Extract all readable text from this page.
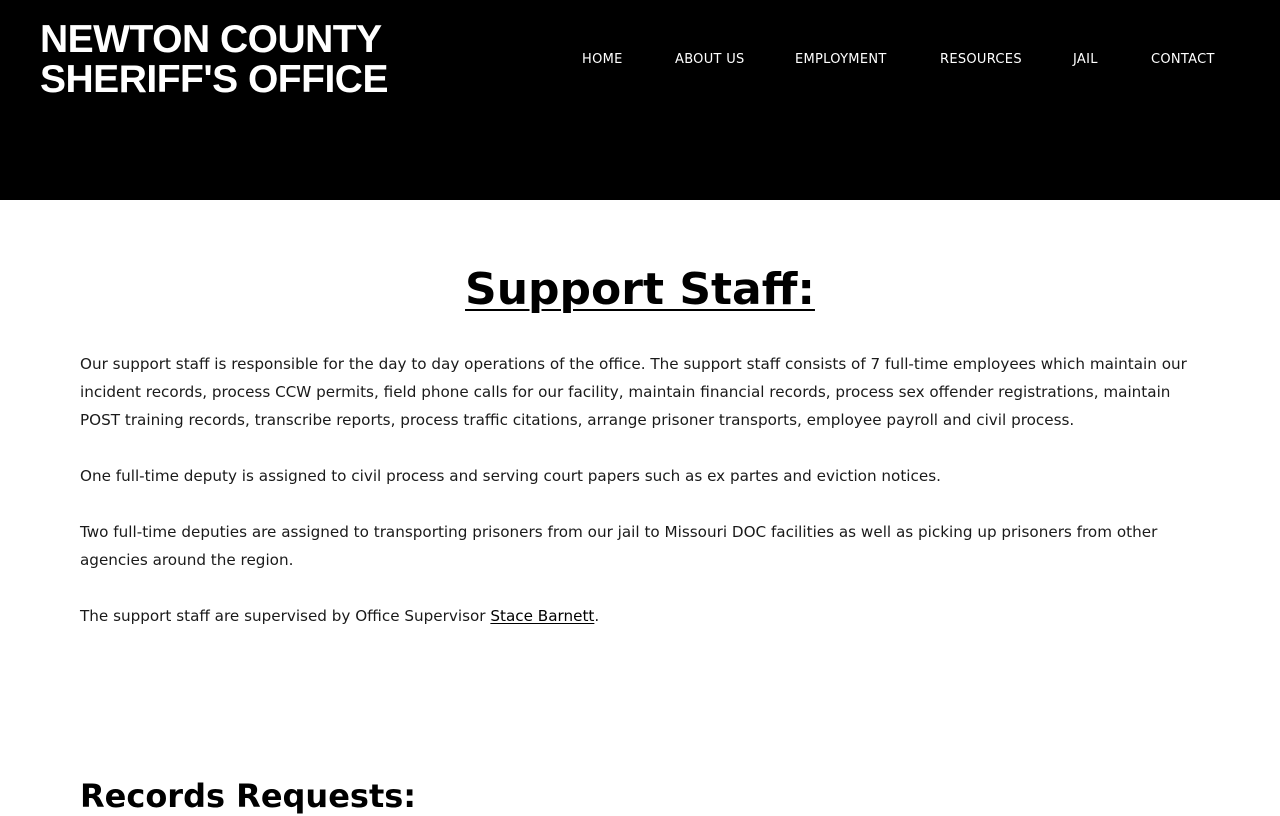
NEWTON COUNTY
SHERIFF'S OFFICE	HOME	ABOUT US	EMPLOYMENT	RESOURCES	JAIL	CONTACT
Support Staff:

Our support staff is responsible for the day to day operations of the office. The support staff consists of 7 full-time employees which maintain our incident records, process CCW permits, field phone calls for our facility, maintain financial records, process sex offender registrations, maintain POST training records, transcribe reports, process traffic citations, arrange prisoner transports, employee payroll and civil process.

One full-time deputy is assigned to civil process and serving court papers such as ex partes and eviction notices.

Two full-time deputies are assigned to transporting prisoners from our jail to Missouri DOC facilities as well as picking up prisoners from other agencies around the region.

The support staff are supervised by Office Supervisor Stace Barnett.

Records Requests:
